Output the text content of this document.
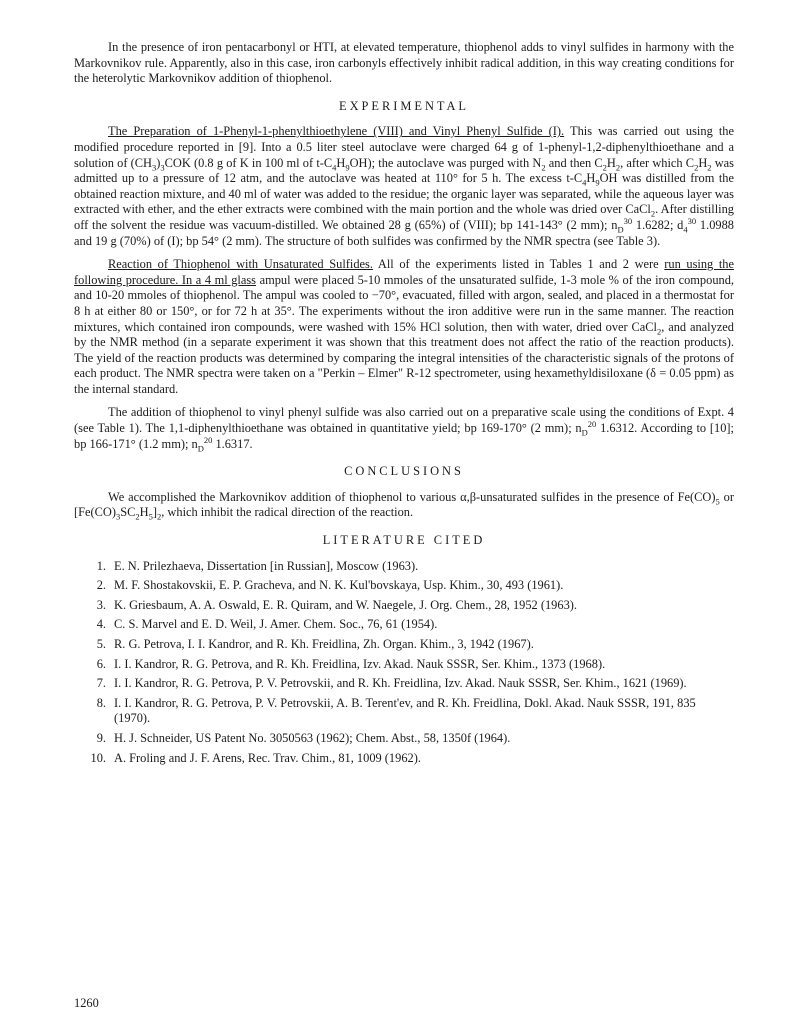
In the presence of iron pentacarbonyl or HTI, at elevated temperature, thiophenol adds to vinyl sulfides in harmony with the Markovnikov rule. Apparently, also in this case, iron carbonyls effectively inhibit radical addition, in this way creating conditions for the heterolytic Markovnikov addition of thiophenol.

EXPERIMENTAL

The Preparation of 1-Phenyl-1-phenylthioethylene (VIII) and Vinyl Phenyl Sulfide (I). This was carried out using the modified procedure reported in [9]. Into a 0.5 liter steel autoclave were charged 64 g of 1-phenyl-1,2-diphenylthioethane and a solution of $(CH_3)_3COK$ (0.8 g of K in 100 ml of $t-C_4H_9OH$); the autoclave was purged with $N_2$ and then $C_2H_2$, after which $C_2H_2$ was admitted up to a pressure of 12 atm, and the autoclave was heated at 110° for 5 h. The excess $t-C_4H_9OH$ was distilled from the obtained reaction mixture, and 40 ml of water was added to the residue; the organic layer was separated, while the aqueous layer was extracted with ether, and the ether extracts were combined with the main portion and the whole was dried over CaCl$_2$. After distilling off the solvent the residue was vacuum-distilled. We obtained 28 g (65%) of (VIII); bp 141-143° (2 mm); $n_D^{30}$ 1.6282; $d_4^{30}$ 1.0988 and 19 g (70%) of (I); bp 54° (2 mm). The structure of both sulfides was confirmed by the NMR spectra (see Table 3).

Reaction of Thiophenol with Unsaturated Sulfides. All of the experiments listed in Tables 1 and 2 were run using the following procedure. In a 4 ml glass ampul were placed 5-10 mmoles of the unsaturated sulfide, 1-3 mole % of the iron compound, and 10-20 mmoles of thiophenol. The ampul was cooled to −70°, evacuated, filled with argon, sealed, and placed in a thermostat for 8 h at either 80 or 150°, or for 72 h at 35°. The experiments without the iron additive were run in the same manner. The reaction mixtures, which contained iron compounds, were washed with 15% HCl solution, then with water, dried over CaCl$_2$, and analyzed by the NMR method (in a separate experiment it was shown that this treatment does not affect the ratio of the reaction products). The yield of the reaction products was determined by comparing the integral intensities of the characteristic signals of the protons of each product. The NMR spectra were taken on a "Perkin – Elmer" R-12 spectrometer, using hexamethyldisiloxane (δ = 0.05 ppm) as the internal standard.

The addition of thiophenol to vinyl phenyl sulfide was also carried out on a preparative scale using the conditions of Expt. 4 (see Table 1). The 1,1-diphenylthioethane was obtained in quantitative yield; bp 169-170° (2 mm); $n_D^{20}$ 1.6312. According to [10]; bp 166-171° (1.2 mm); $n_D^{20}$ 1.6317.

CONCLUSIONS

We accomplished the Markovnikov addition of thiophenol to various α,β-unsaturated sulfides in the presence of $Fe(CO)_5$ or $[Fe(CO)_3SC_2H_5]_2$, which inhibit the radical direction of the reaction.

LITERATURE CITED
1. E. N. Prilezhaeva, Dissertation [in Russian], Moscow (1963).
2. M. F. Shostakovskii, E. P. Gracheva, and N. K. Kul'bovskaya, Usp. Khim., 30, 493 (1961).
3. K. Griesbaum, A. A. Oswald, E. R. Quiram, and W. Naegele, J. Org. Chem., 28, 1952 (1963).
4. C. S. Marvel and E. D. Weil, J. Amer. Chem. Soc., 76, 61 (1954).
5. R. G. Petrova, I. I. Kandror, and R. Kh. Freidlina, Zh. Organ. Khim., 3, 1942 (1967).
6. I. I. Kandror, R. G. Petrova, and R. Kh. Freidlina, Izv. Akad. Nauk SSSR, Ser. Khim., 1373 (1968).
7. I. I. Kandror, R. G. Petrova, P. V. Petrovskii, and R. Kh. Freidlina, Izv. Akad. Nauk SSSR, Ser. Khim., 1621 (1969).
8. I. I. Kandror, R. G. Petrova, P. V. Petrovskii, A. B. Terent'ev, and R. Kh. Freidlina, Dokl. Akad. Nauk SSSR, 191, 835 (1970).
9. H. J. Schneider, US Patent No. 3050563 (1962); Chem. Abst., 58, 1350f (1964).
10. A. Froling and J. F. Arens, Rec. Trav. Chim., 81, 1009 (1962).
1260
